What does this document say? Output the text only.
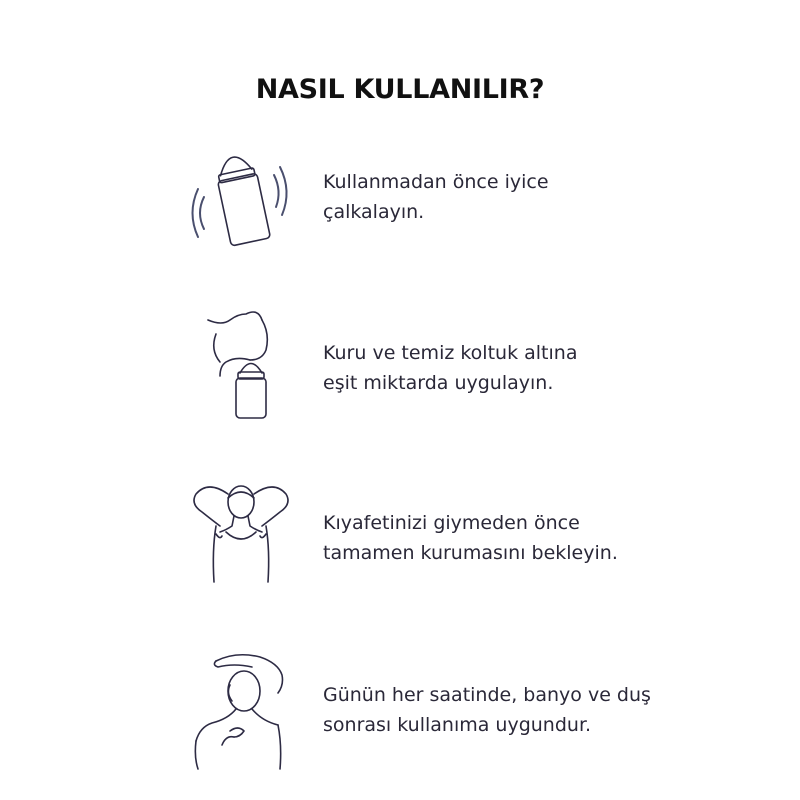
NASIL KULLANILIR?
Kullanmadan önce iyice
çalkalayın.
Kuru ve temiz koltuk altına
eşit miktarda uygulayın.
Kıyafetinizi giymeden önce
tamamen kurumasını bekleyin.
Günün her saatinde, banyo ve duş
sonrası kullanıma uygundur.
